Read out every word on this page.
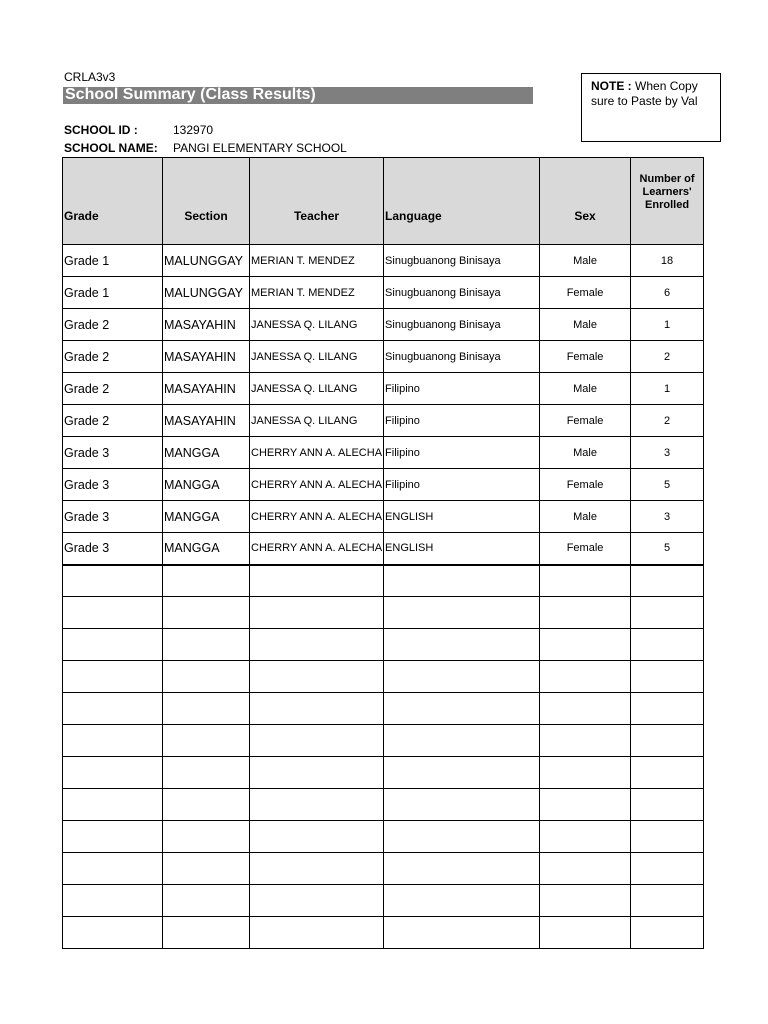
CRLA3v3
School Summary (Class Results)	NOTE : When Copy
sure to Paste by Val
SCHOOL ID :	132970
SCHOOL NAME: PANGI ELEMENTARY SCHOOL
Grade	Section	Teacher	Language	Sex	Number of Learners' Enrolled
Grade 1	MALUNGGAY	MERIAN T. MENDEZ	Sinugbuanong Binisaya	Male	18
Grade 1	MALUNGGAY	MERIAN T. MENDEZ	Sinugbuanong Binisaya	Female	6
Grade 2	MASAYAHIN	JANESSA Q. LILANG	Sinugbuanong Binisaya	Male	1
Grade 2	MASAYAHIN	JANESSA Q. LILANG	Sinugbuanong Binisaya	Female	2
Grade 2	MASAYAHIN	JANESSA Q. LILANG	Filipino	Male	1
Grade 2	MASAYAHIN	JANESSA Q. LILANG	Filipino	Female	2
Grade 3	MANGGA	CHERRY ANN A. ALECHA	Filipino	Male	3
Grade 3	MANGGA	CHERRY ANN A. ALECHA	Filipino	Female	5
Grade 3	MANGGA	CHERRY ANN A. ALECHA	ENGLISH	Male	3
Grade 3	MANGGA	CHERRY ANN A. ALECHA	ENGLISH	Female	5
